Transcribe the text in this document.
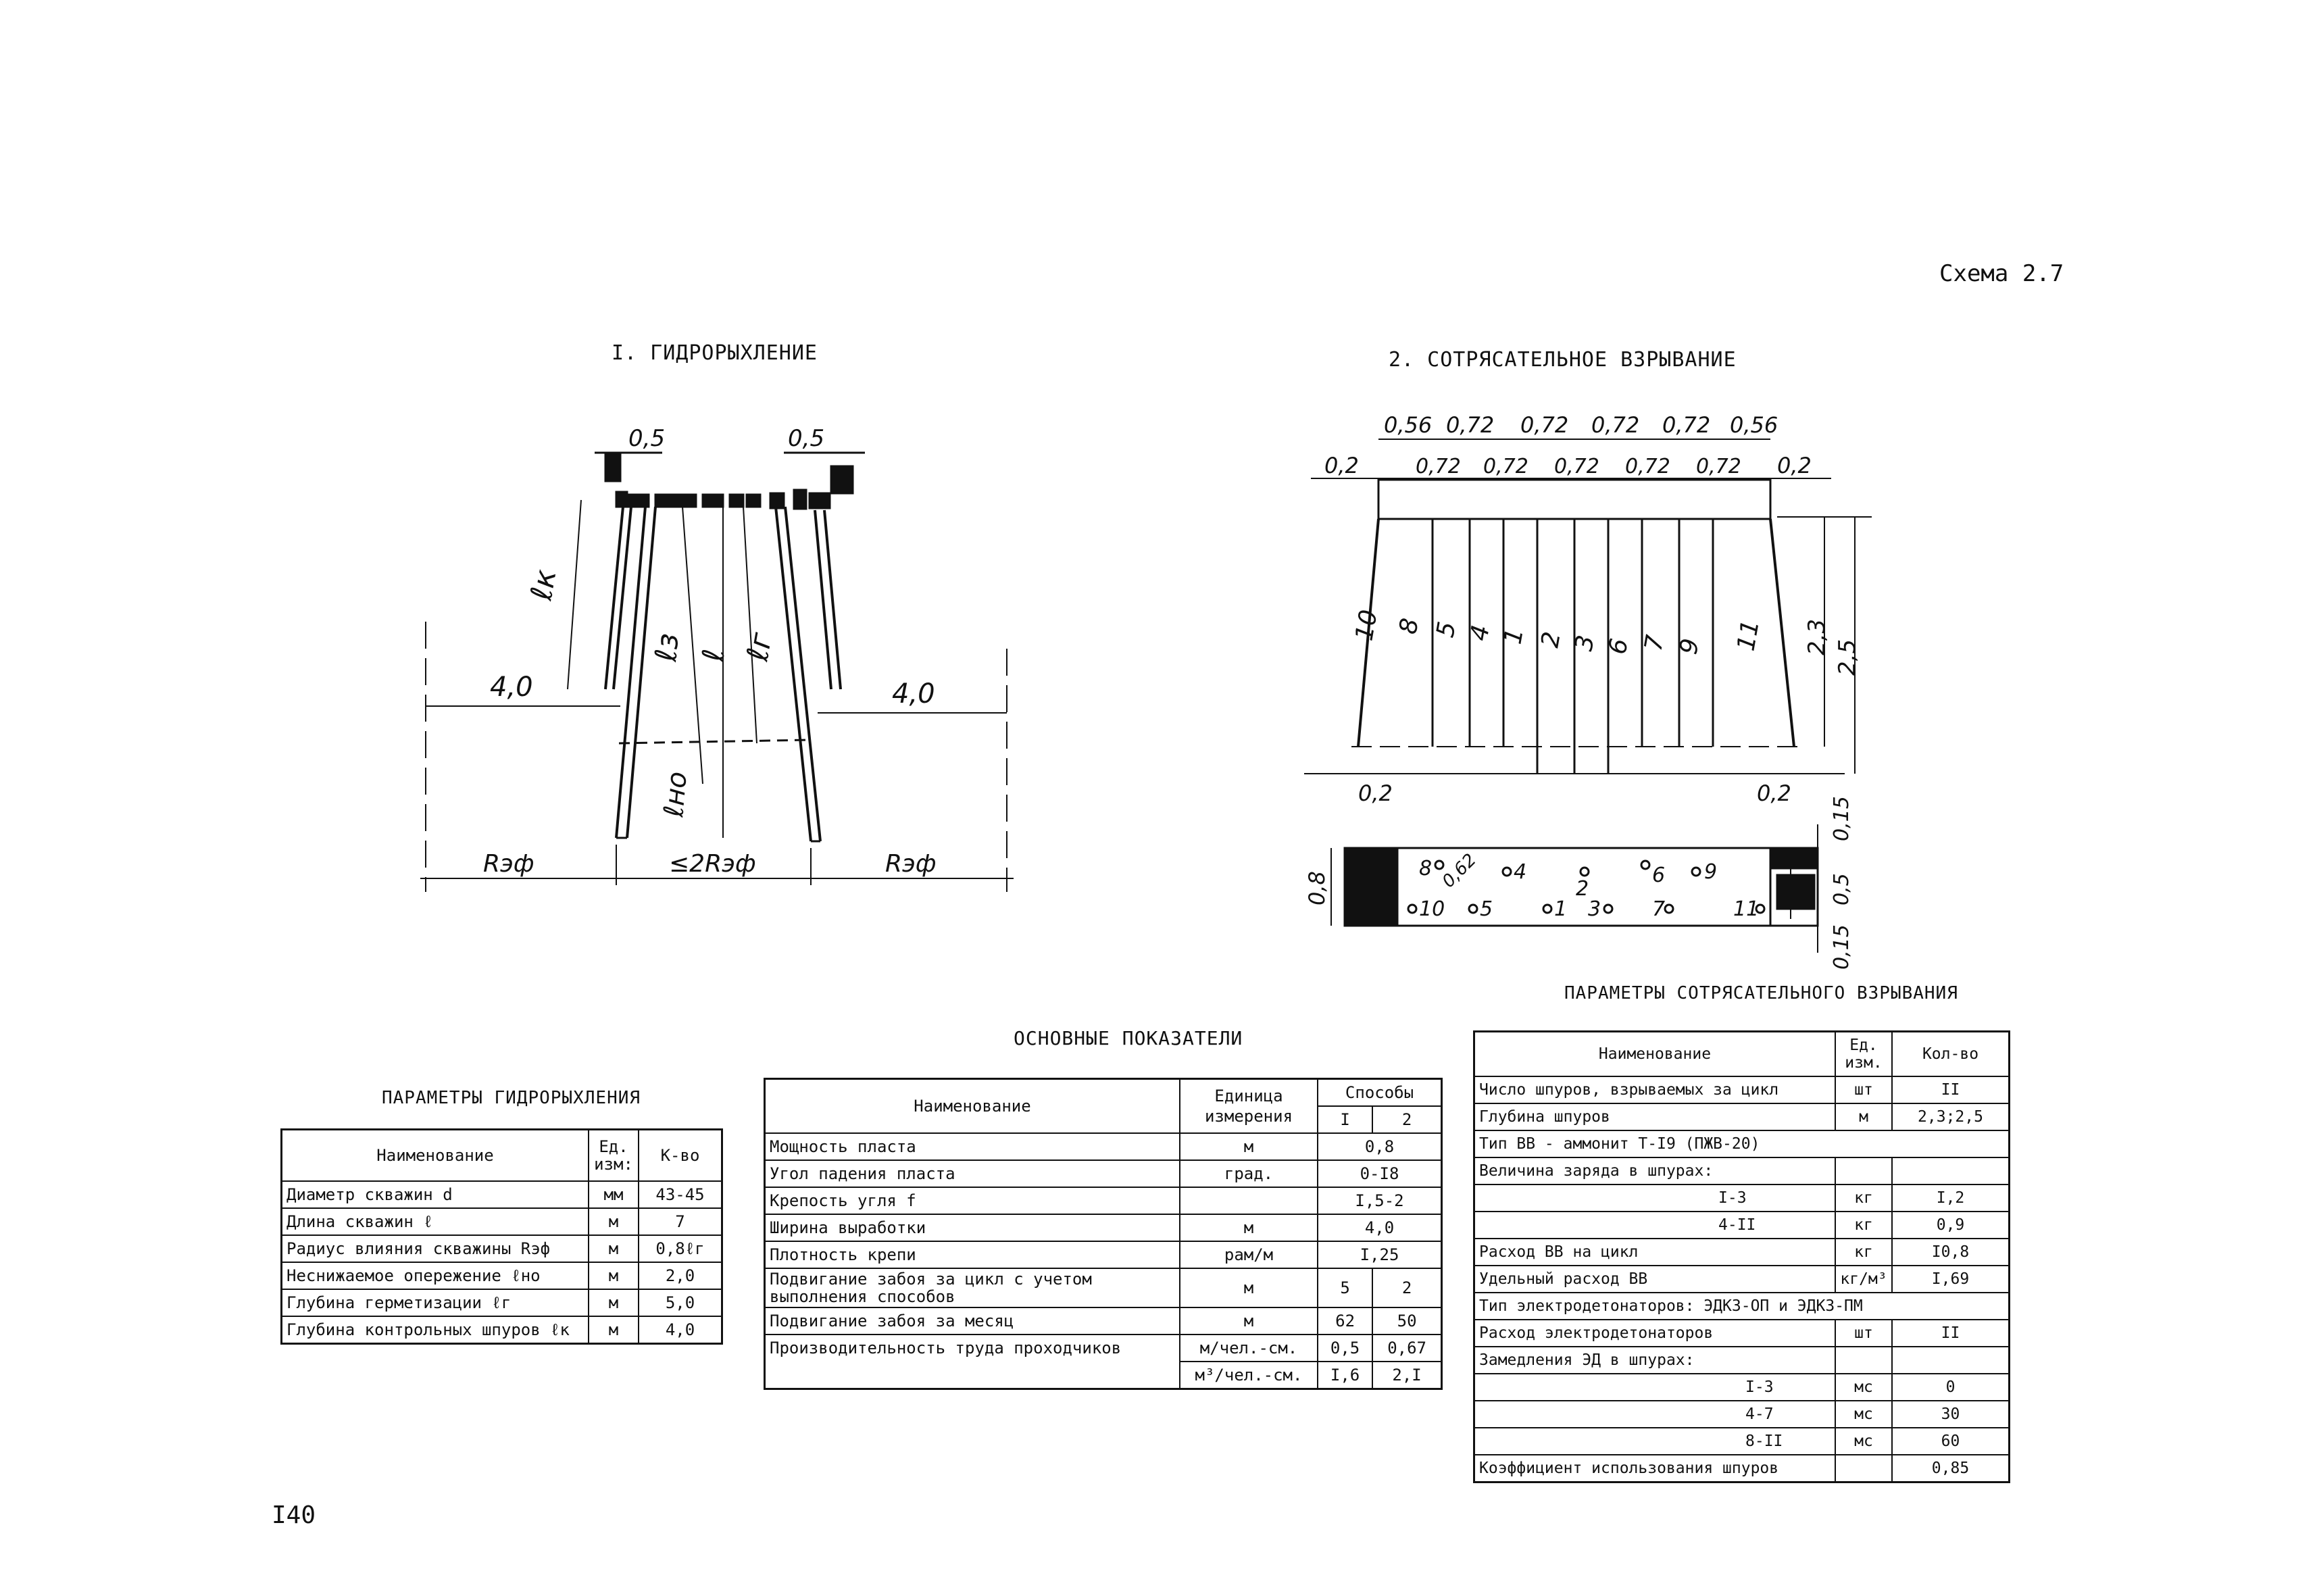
Схема 2.7
I. ГИДРОРЫХЛЕНИЕ	2. СОТРЯСАТЕЛЬНОЕ ВЗРЫВАНИЕ
I40
0,5	0,5
4,0	4,0
ℓк
ℓз ℓ ℓг
ℓно
Rэф	≤2Rэф	Rэф
0,56 0,72 0,72 0,72 0,72 0,56
0,2	0,72 0,72 0,72 0,72 0,72 0,2
10 8 5 4 1 2 3 6 7 9 11 2,3
2,5
0,2	0,2
0,8
0,15
0,5
0,15
0,62
8	4
2
6 9
10 5	1 3	7	11
ПАРАМЕТРЫ ГИДРОРЫХЛЕНИЯ
Наименование	Ед. изм:	К-во
Диаметр скважин d	мм	43-45
Длина скважин ℓ	м	7
Радиус влияния скважины Rэф	м	0,8ℓг
Неснижаемое опережение ℓно	м	2,0
Глубина герметизации ℓг	м	5,0
Глубина контрольных шпуров ℓк	м	4,0
ОСНОВНЫЕ ПОКАЗАТЕЛИ
Наименование	Единица измерения	Способы	
		I	2
Мощность пласта	м	0,8	
Угол падения пласта	град.	0-I8	
Крепость угля f		I,5-2	
Ширина выработки	м	4,0	
Плотность крепи	рам/м	I,25	
Подвигание забоя за цикл с учетом выполнения способов	м	5	2
Подвигание забоя за месяц	м	62	50
Производительность труда проходчиков	м/чел.-см.	0,5	0,67
	м³/чел.-см.	I,6	2,I
ПАРАМЕТРЫ СОТРЯСАТЕЛЬНОГО ВЗРЫВАНИЯ
Наименование	Ед. изм.	Кол-во
Число шпуров, взрываемых за цикл	шт	II
Глубина шпуров	м	2,3;2,5
Тип ВВ - аммонит Т-I9 (ПЖВ-20)		
Величина заряда в шпурах:		
I-3	кг	I,2
4-II	кг	0,9
Расход ВВ на цикл	кг	I0,8
Удельный расход ВВ	кг/м³	I,69
Тип электродетонаторов: ЭДКЗ-ОП и ЭДКЗ-ПМ		
Расход электродетонаторов	шт	II
Замедления ЭД в шпурах:		
I-3	мс	0
4-7	мс	30
8-II	мс	60
Коэффициент использования шпуров		0,85
